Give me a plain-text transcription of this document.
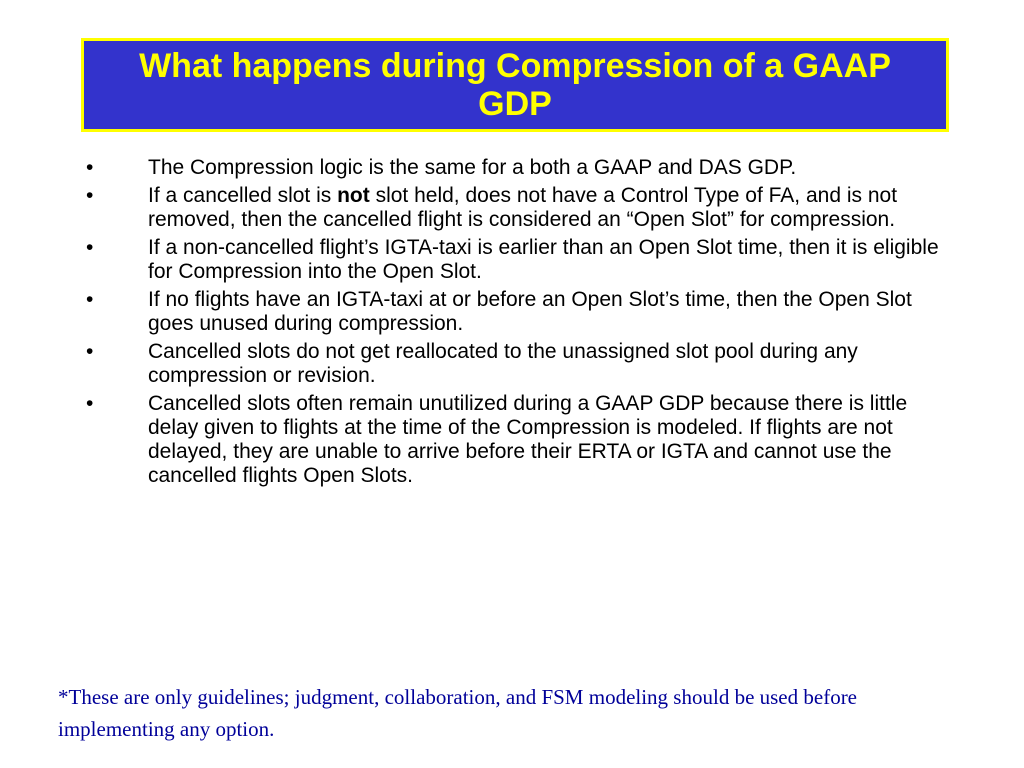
What happens during Compression of a GAAP GDP
•	The Compression logic is the same for a both a GAAP and DAS GDP.
•	If a cancelled slot is not slot held, does not have a Control Type of FA, and is not removed, then the cancelled flight is considered an “Open Slot” for compression.
•	If a non-cancelled flight’s IGTA-taxi is earlier than an Open Slot time, then it is eligible for Compression into the Open Slot.
•	If no flights have an IGTA-taxi at or before an Open Slot’s time, then the Open Slot goes unused during compression.
•	Cancelled slots do not get reallocated to the unassigned slot pool during any compression or revision.
•	Cancelled slots often remain unutilized during a GAAP GDP because there is little delay given to flights at the time of the Compression is modeled. If flights are not delayed, they are unable to arrive before their ERTA or IGTA and cannot use the cancelled flights Open Slots.
*These are only guidelines; judgment, collaboration, and FSM modeling should be used before implementing any option.
